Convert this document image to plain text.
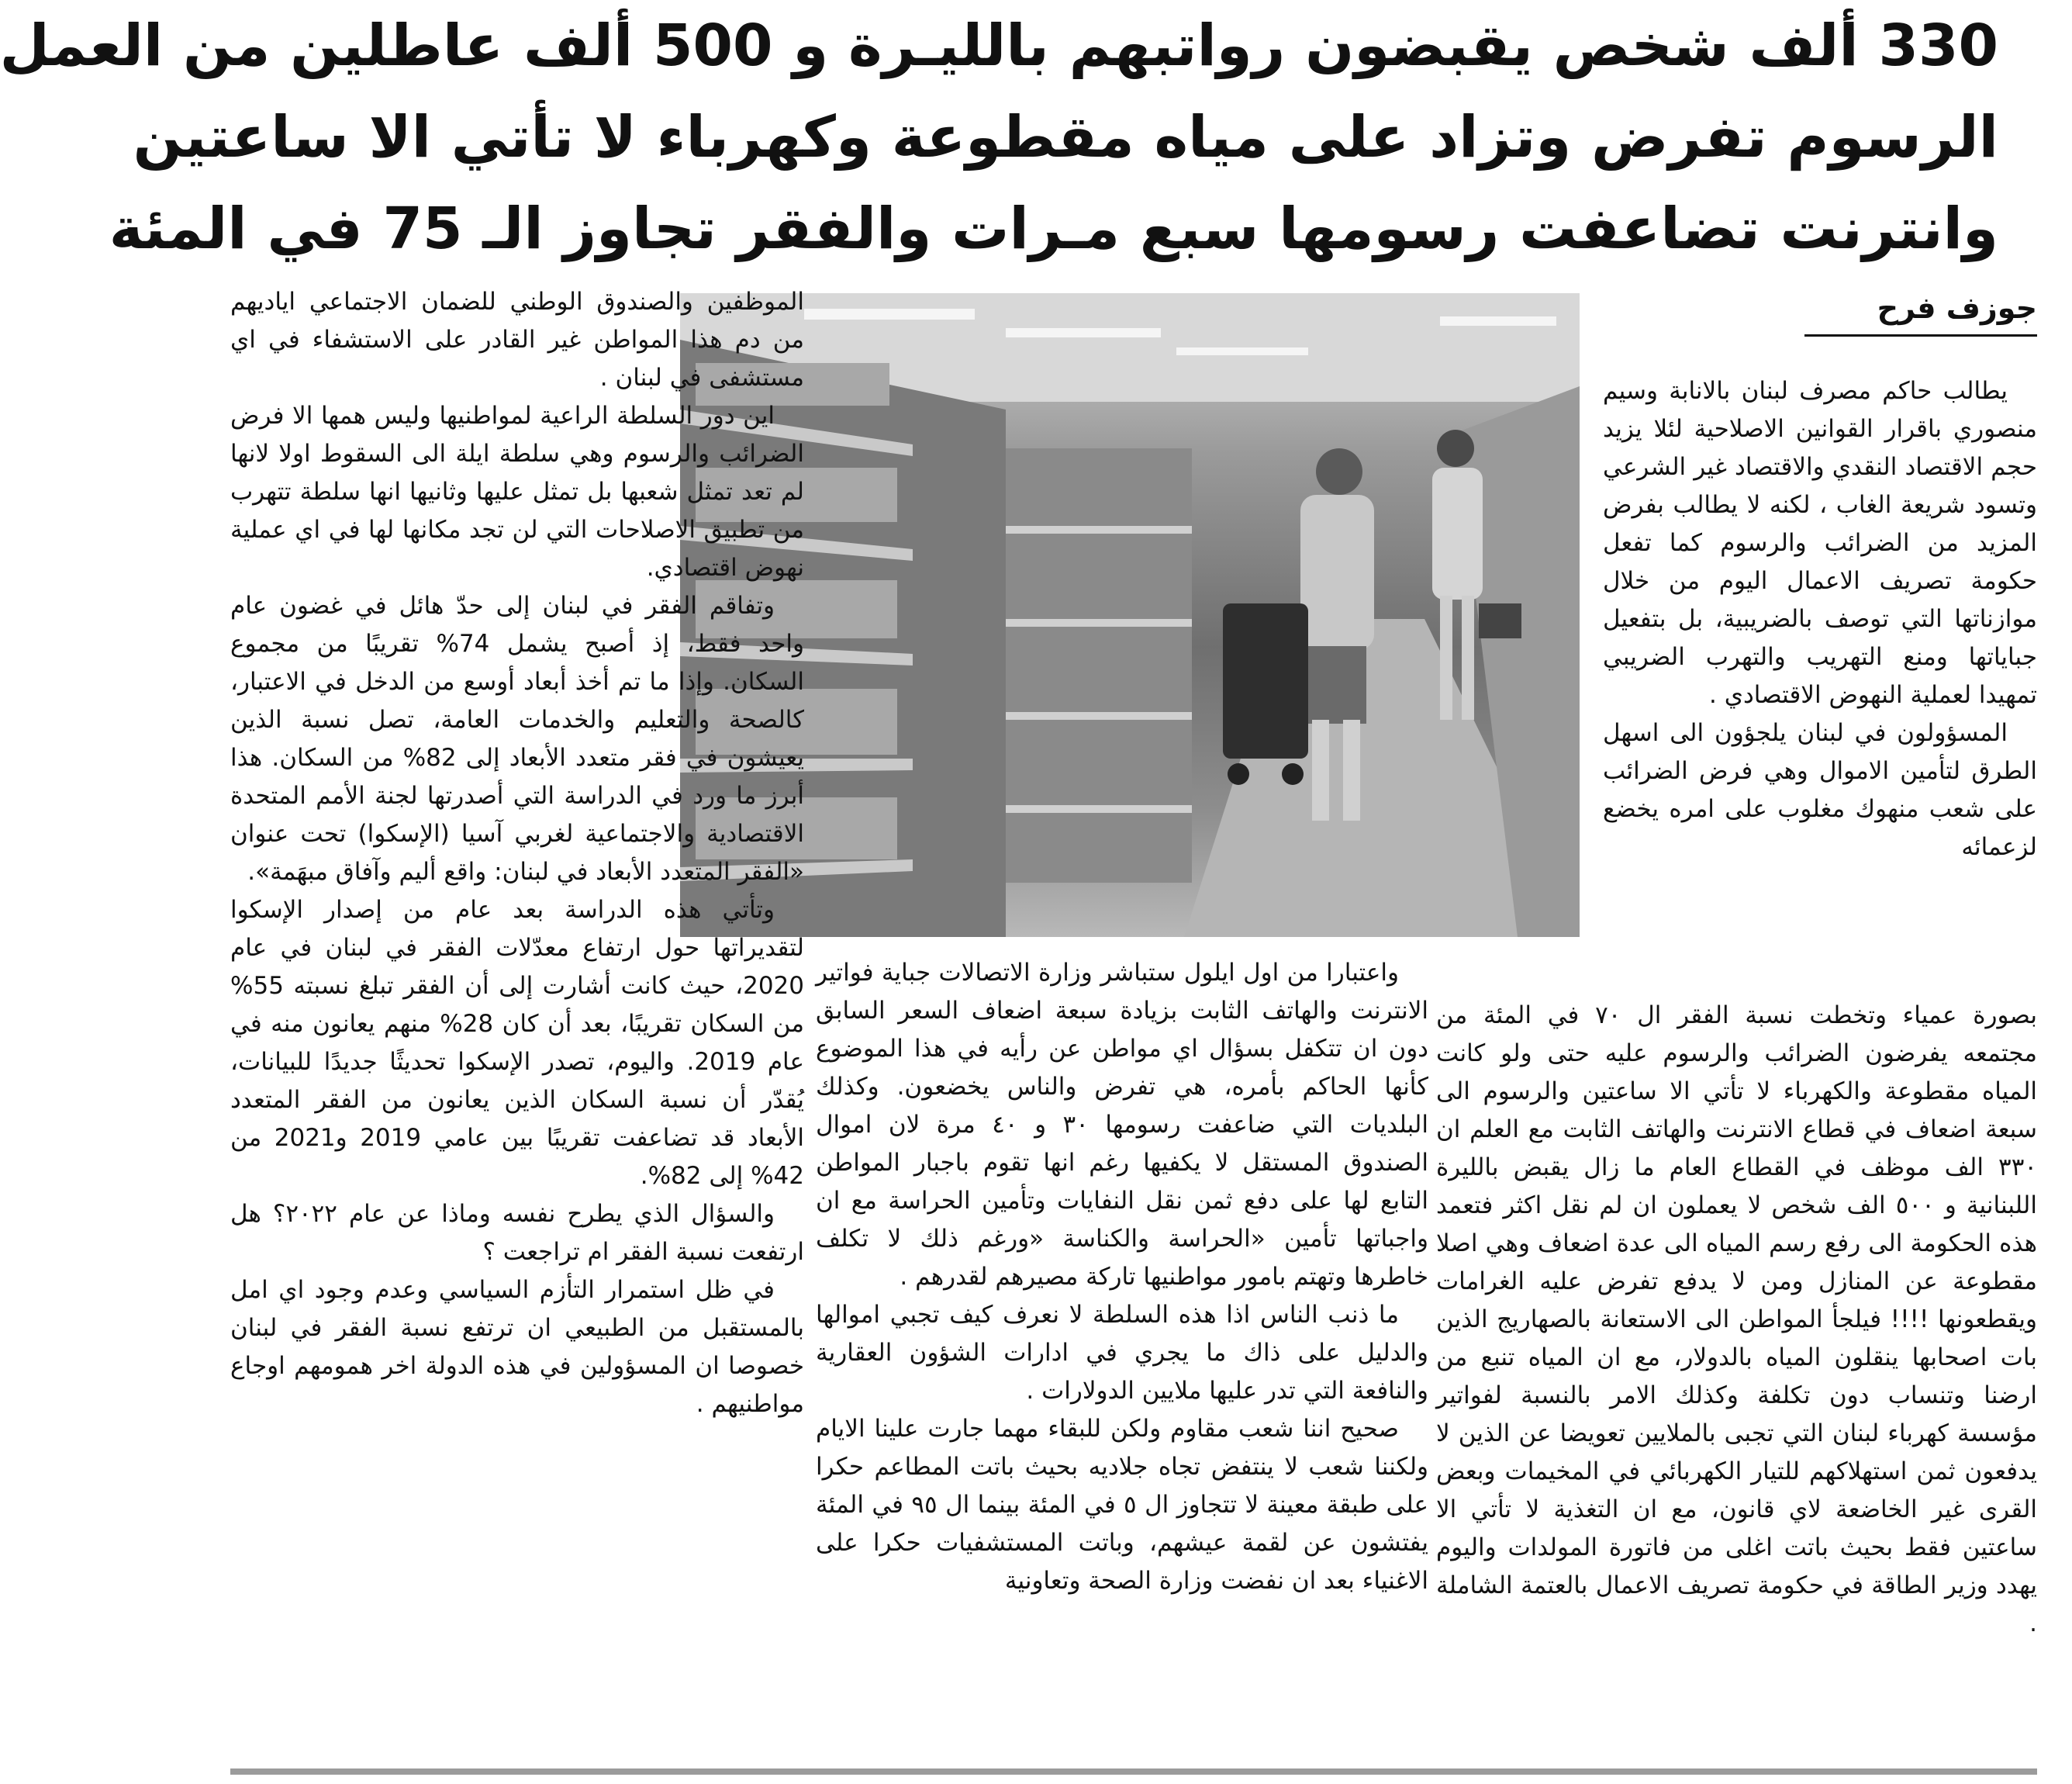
330 ألف شخص يقبضون رواتبهم بالليـرة و 500 ألف عاطلين من العمل
الرسوم تفرض وتزاد على مياه مقطوعة وكهرباء لا تأتي الا ساعتين
وانترنت تضاعفت رسومها سبع مـرات والفقر تجاوز الـ 75 في المئة
جوزف فرح

يطالب حاكم مصرف لبنان بالانابة وسيم منصوري باقرار القوانين الاصلاحية لئلا يزيد حجم الاقتصاد النقدي والاقتصاد غير الشرعي وتسود شريعة الغاب ، لكنه لا يطالب بفرض المزيد من الضرائب والرسوم كما تفعل حكومة تصريف الاعمال اليوم من خلال موازناتها التي توصف بالضريبية، بل بتفعيل جباياتها ومنع التهريب والتهرب الضريبي تمهيدا لعملية النهوض الاقتصادي .

المسؤولون في لبنان يلجؤون الى اسهل الطرق لتأمين الاموال وهي فرض الضرائب على شعب منهوك مغلوب على امره يخضع لزعمائه

بصورة عمياء وتخطت نسبة الفقر ال ٧٠ في المئة من مجتمعه يفرضون الضرائب والرسوم عليه حتى ولو كانت المياه مقطوعة والكهرباء لا تأتي الا ساعتين والرسوم الى سبعة اضعاف في قطاع الانترنت والهاتف الثابت مع العلم ان ٣٣٠ الف موظف في القطاع العام ما زال يقبض بالليرة اللبنانية و ٥٠٠ الف شخص لا يعملون ان لم نقل اكثر فتعمد هذه الحكومة الى رفع رسم المياه الى عدة اضعاف وهي اصلا مقطوعة عن المنازل ومن لا يدفع تفرض عليه الغرامات ويقطعونها !!!! فيلجأ المواطن الى الاستعانة بالصهاريج الذين بات اصحابها ينقلون المياه بالدولار، مع ان المياه تنبع من ارضنا وتنساب دون تكلفة وكذلك الامر بالنسبة لفواتير مؤسسة كهرباء لبنان التي تجبى بالملايين تعويضا عن الذين لا يدفعون ثمن استهلاكهم للتيار الكهربائي في المخيمات وبعض القرى غير الخاضعة لاي قانون، مع ان التغذية لا تأتي الا ساعتين فقط بحيث باتت اغلى من فاتورة المولدات واليوم يهدد وزير الطاقة في حكومة تصريف الاعمال بالعتمة الشاملة .

واعتبارا من اول ايلول ستباشر وزارة الاتصالات جباية فواتير الانترنت والهاتف الثابت بزيادة سبعة اضعاف السعر السابق دون ان تتكفل بسؤال اي مواطن عن رأيه في هذا الموضوع كأنها الحاكم بأمره، هي تفرض والناس يخضعون. وكذلك البلديات التي ضاعفت رسومها ٣٠ و ٤٠ مرة لان اموال الصندوق المستقل لا يكفيها رغم انها تقوم باجبار المواطن التابع لها على دفع ثمن نقل النفايات وتأمين الحراسة مع ان واجباتها تأمين «الحراسة والكناسة «ورغم ذلك لا تكلف خاطرها وتهتم بامور مواطنيها تاركة مصيرهم لقدرهم .

ما ذنب الناس اذا هذه السلطة لا نعرف كيف تجبي اموالها والدليل على ذاك ما يجري في ادارات الشؤون العقارية والنافعة التي تدر عليها ملايين الدولارات .

صحيح اننا شعب مقاوم ولكن للبقاء مهما جارت علينا الايام ولكننا شعب لا ينتفض تجاه جلاديه بحيث باتت المطاعم حكرا على طبقة معينة لا تتجاوز ال ٥ في المئة بينما ال ٩٥ في المئة يفتشون عن لقمة عيشهم، وباتت المستشفيات حكرا على الاغنياء بعد ان نفضت وزارة الصحة وتعاونية

الموظفين والصندوق الوطني للضمان الاجتماعي اياديهم من دم هذا المواطن غير القادر على الاستشفاء في اي مستشفى في لبنان .

اين دور السلطة الراعية لمواطنيها وليس همها الا فرض الضرائب والرسوم وهي سلطة ايلة الى السقوط اولا لانها لم تعد تمثل شعبها بل تمثل عليها وثانيها انها سلطة تتهرب من تطبيق الاصلاحات التي لن تجد مكانها لها في اي عملية نهوض اقتصادي.

وتفاقم الفقر في لبنان إلى حدّ هائل في غضون عام واحد فقط، إذ أصبح يشمل 74% تقريبًا من مجموع السكان. وإذا ما تم أخذ أبعاد أوسع من الدخل في الاعتبار، كالصحة والتعليم والخدمات العامة، تصل نسبة الذين يعيشون في فقر متعدد الأبعاد إلى 82% من السكان. هذا أبرز ما ورد في الدراسة التي أصدرتها لجنة الأمم المتحدة الاقتصادية والاجتماعية لغربي آسيا (الإسكوا) تحت عنوان «الفقر المتعدد الأبعاد في لبنان: واقع أليم وآفاق مبهَمة».

وتأتي هذه الدراسة بعد عام من إصدار الإسكوا لتقديراتها حول ارتفاع معدّلات الفقر في لبنان في عام 2020، حيث كانت أشارت إلى أن الفقر تبلغ نسبته 55% من السكان تقريبًا، بعد أن كان 28% منهم يعانون منه في عام 2019. واليوم، تصدر الإسكوا تحديثًا جديدًا للبيانات، يُقدّر أن نسبة السكان الذين يعانون من الفقر المتعدد الأبعاد قد تضاعفت تقريبًا بين عامي 2019 و2021 من 42% إلى 82%.

والسؤال الذي يطرح نفسه وماذا عن عام ٢٠٢٢؟ هل ارتفعت نسبة الفقر ام تراجعت ؟

في ظل استمرار التأزم السياسي وعدم وجود اي امل بالمستقبل من الطبيعي ان ترتفع نسبة الفقر في لبنان خصوصا ان المسؤولين في هذه الدولة اخر همومهم اوجاع مواطنيهم .
